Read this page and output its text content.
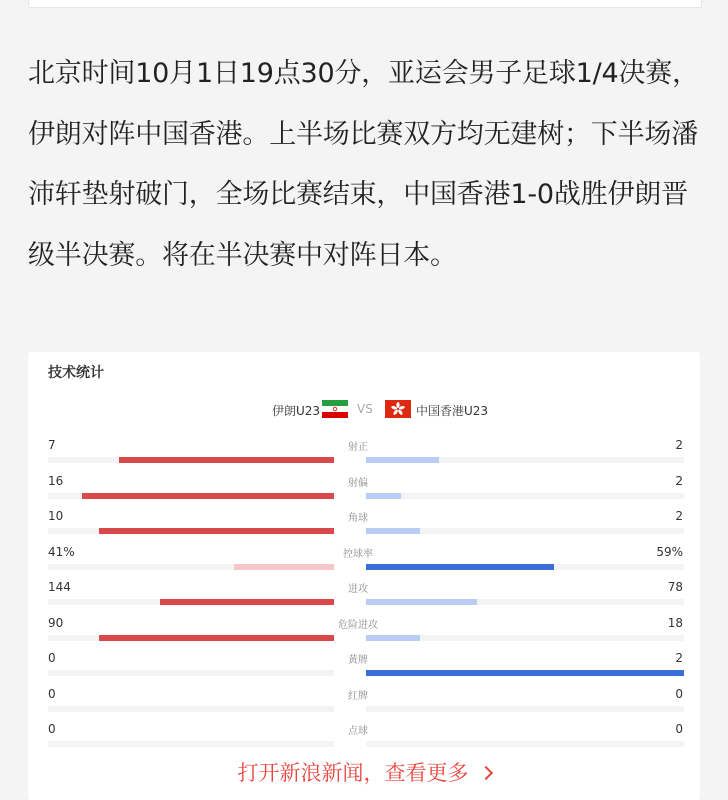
北京时间10月1日19点30分，亚运会男子足球1/4决赛，伊朗对阵中国香港。上半场比赛双方均无建树；下半场潘沛轩垫射破门，全场比赛结束，中国香港1-0战胜伊朗晋级半决赛。将在半决赛中对阵日本。

技术统计
伊朗U23	VS	中国香港U23
7	射正	2
16	射偏	2
10	角球	2
41%	控球率	59%
144	进攻	78
90	危险进攻	18
0	黄牌	2
0	红牌	0
0	点球	0
打开新浪新闻，查看更多
